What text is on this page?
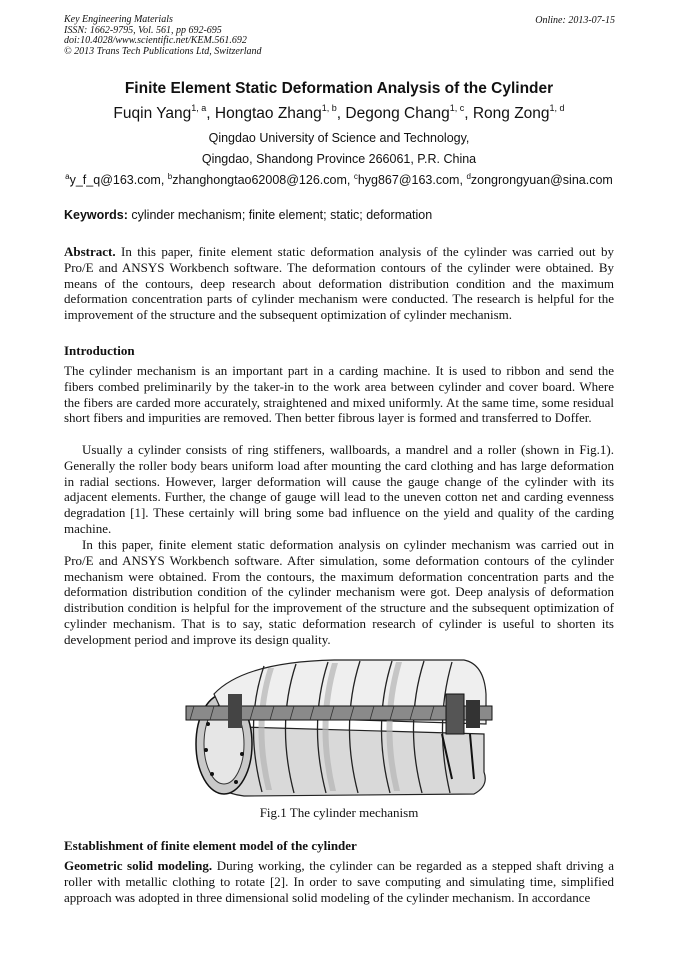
Key Engineering Materials
ISSN: 1662-9795, Vol. 561, pp 692-695
doi:10.4028/www.scientific.net/KEM.561.692
© 2013 Trans Tech Publications Ltd, Switzerland
Online: 2013-07-15
Finite Element Static Deformation Analysis of the Cylinder
Fuqin Yang$^{1, a}$, Hongtao Zhang$^{1, b}$, Degong Chang$^{1, c}$, Rong Zong$^{1, d}$
Qingdao University of Science and Technology,
Qingdao, Shandong Province 266061, P.R. China
$^a$y_f_q@163.com, $^b$zhanghongtao62008@126.com, $^c$hyg867@163.com, $^d$zongrongyuan@sina.com
Keywords: cylinder mechanism; finite element; static; deformation
Abstract. In this paper, finite element static deformation analysis of the cylinder was carried out by Pro/E and ANSYS Workbench software. The deformation contours of the cylinder were obtained. By means of the contours, deep research about deformation distribution condition and the maximum deformation concentration parts of cylinder mechanism were conducted. The research is helpful for the improvement of the structure and the subsequent optimization of cylinder mechanism.
Introduction
The cylinder mechanism is an important part in a carding machine. It is used to ribbon and send the fibers combed preliminarily by the taker-in to the work area between cylinder and cover board. Where the fibers are carded more accurately, straightened and mixed uniformly. At the same time, some residual short fibers and impurities are removed. Then better fibrous layer is formed and transferred to Doffer.
Usually a cylinder consists of ring stiffeners, wallboards, a mandrel and a roller (shown in Fig.1). Generally the roller body bears uniform load after mounting the card clothing and has large deformation in radial sections. However, larger deformation will cause the gauge change of the cylinder with its adjacent elements. Further, the change of gauge will lead to the uneven cotton net and carding evenness degradation [1]. These certainly will bring some bad influence on the yield and quality of the carding machine.
In this paper, finite element static deformation analysis on cylinder mechanism was carried out in Pro/E and ANSYS Workbench software. After simulation, some deformation contours of the cylinder mechanism were obtained. From the contours, the maximum deformation concentration parts and the deformation distribution condition of the cylinder mechanism were got. Deep analysis of deformation distribution condition is helpful for the improvement of the structure and the subsequent optimization of cylinder mechanism. That is to say, static deformation research of cylinder is useful to shorten its development period and improve its design quality.
Fig.1 The cylinder mechanism
Establishment of finite element model of the cylinder
Geometric solid modeling. During working, the cylinder can be regarded as a stepped shaft driving a roller with metallic clothing to rotate [2]. In order to save computing and simulating time, simplified approach was adopted in three dimensional solid modeling of the cylinder mechanism. In accordance
